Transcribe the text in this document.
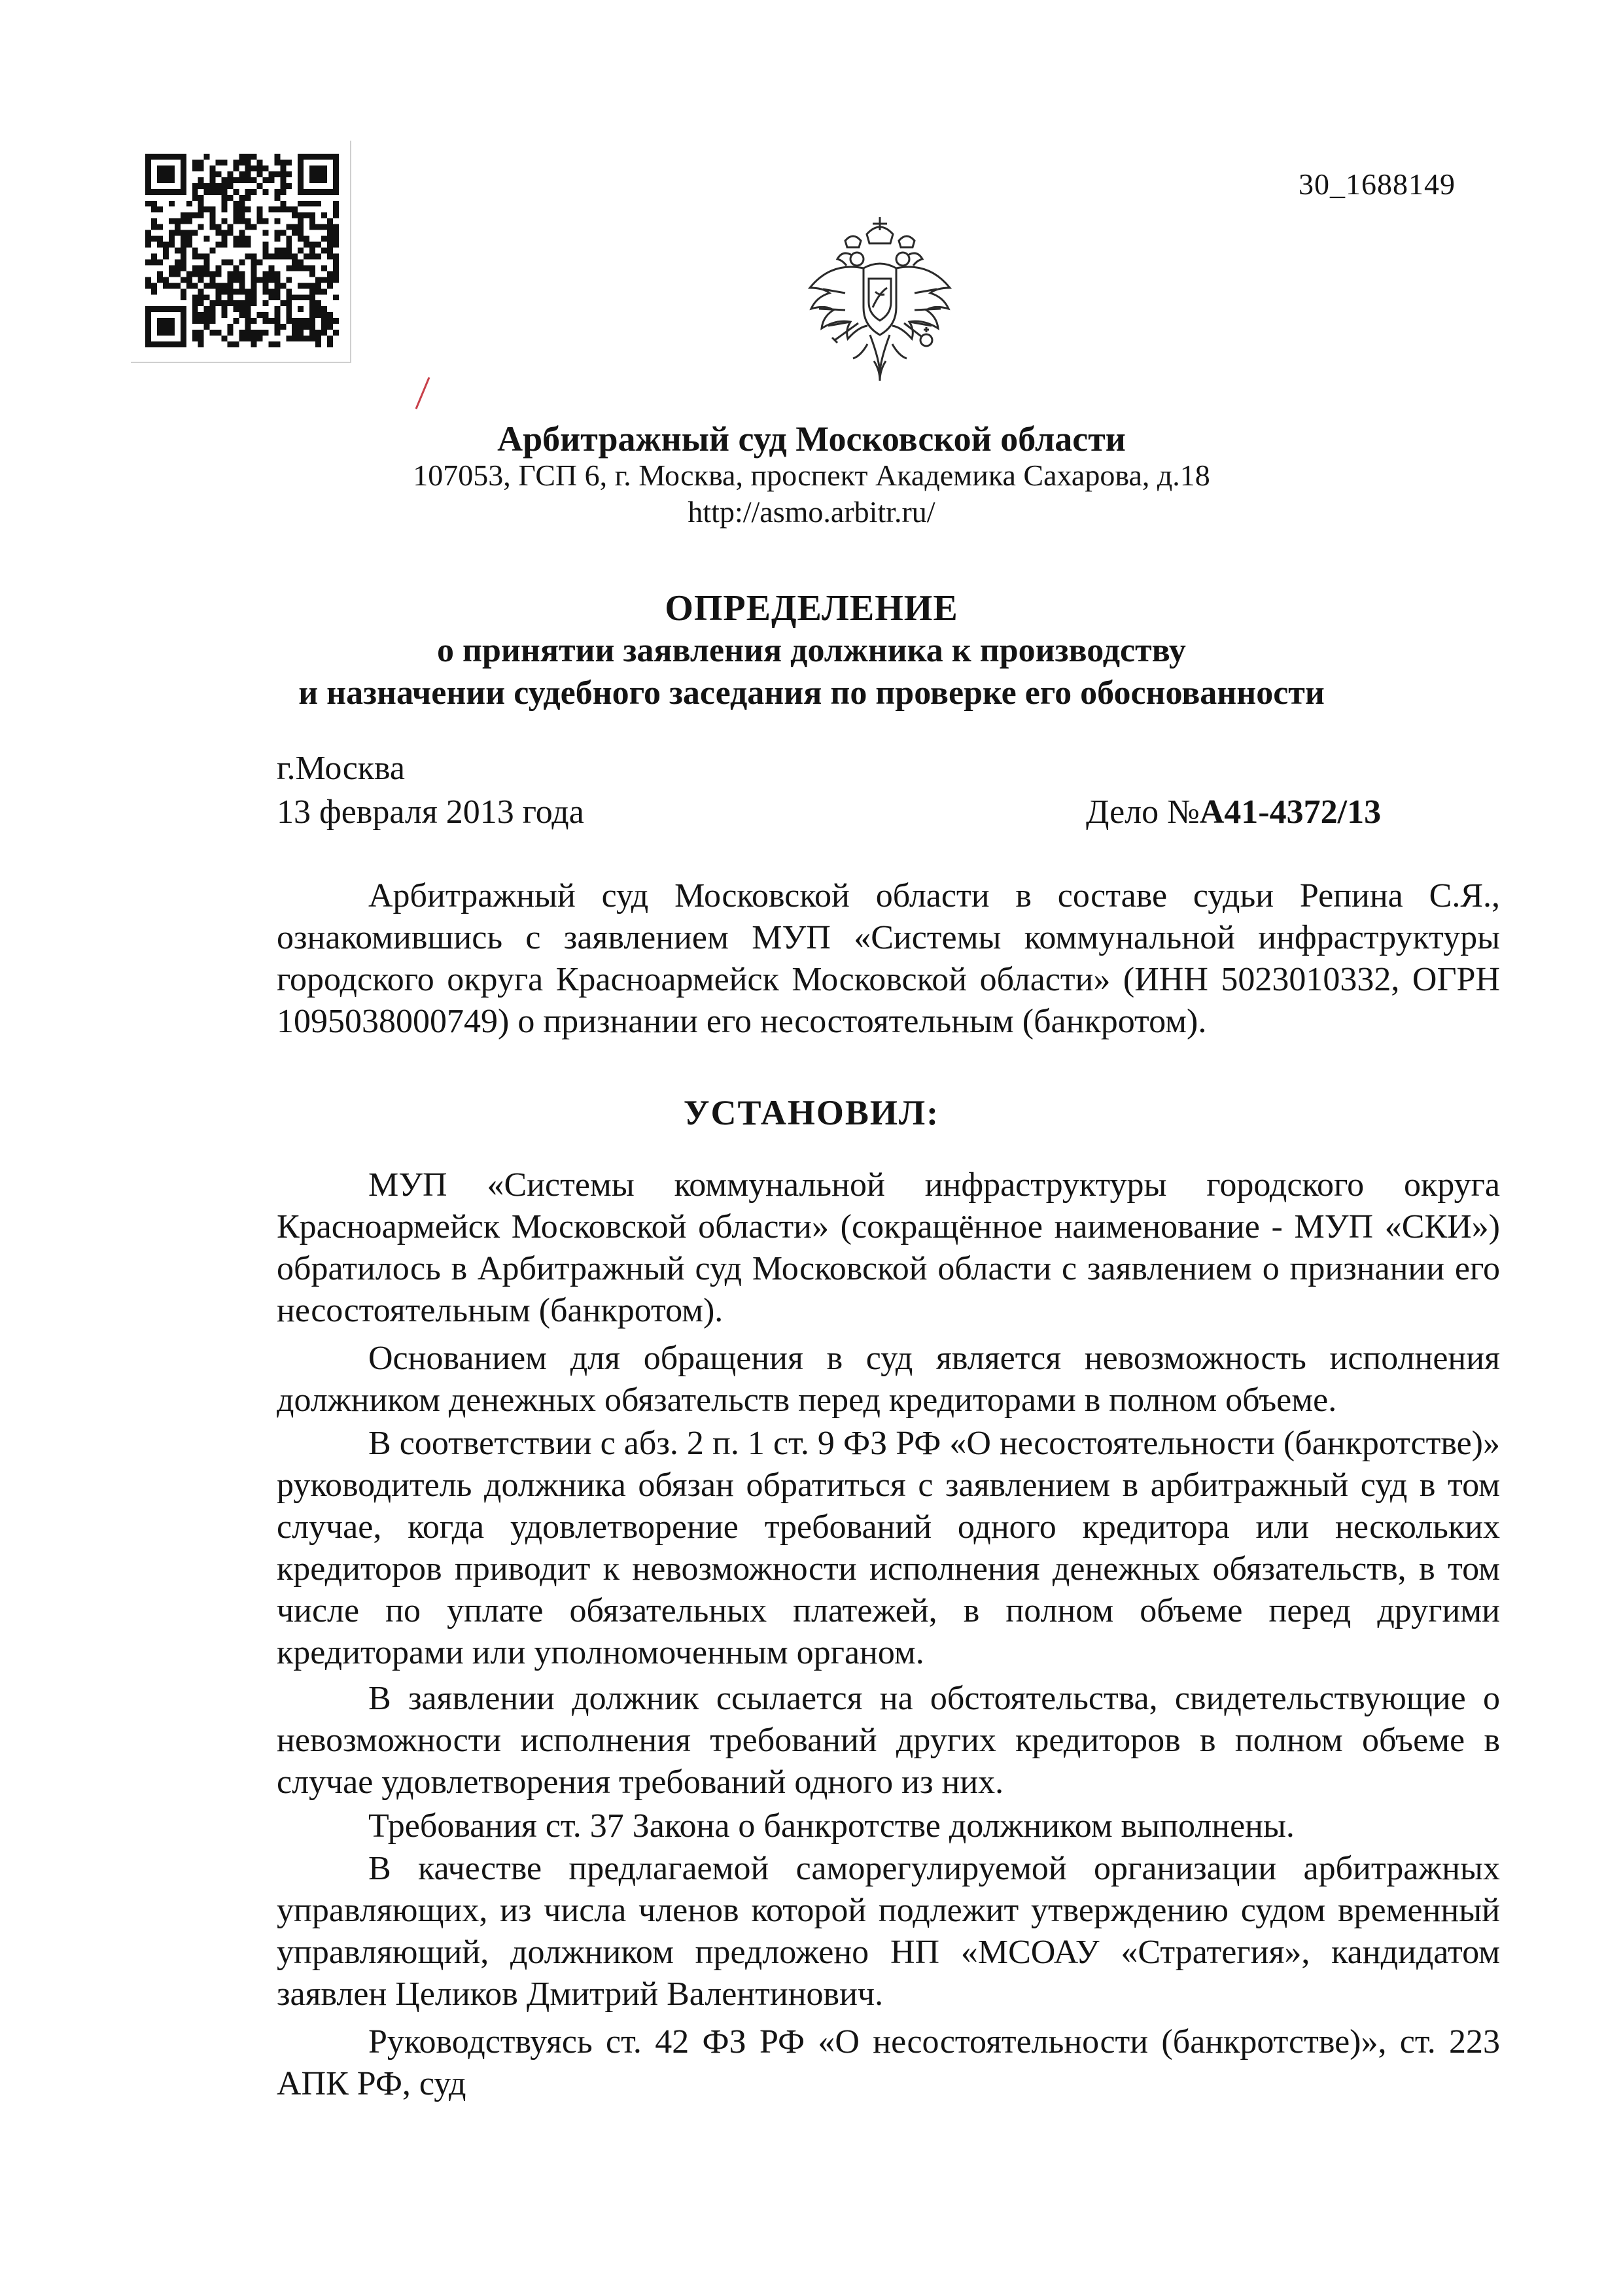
30_1688149
Арбитражный суд Московской области
107053, ГСП 6, г. Москва, проспект Академика Сахарова, д.18
http://asmo.arbitr.ru/
ОПРЕДЕЛЕНИЕ
о принятии заявления должника к производству
и назначении судебного заседания по проверке его обоснованности
г.Москва
13 февраля 2013 года	Дело №А41-4372/13
Арбитражный суд Московской области в составе судьи Репина С.Я., ознакомившись с заявлением МУП «Системы коммунальной инфраструктуры городского округа Красноармейск Московской области» (ИНН 5023010332, ОГРН 1095038000749) о признании его несостоятельным (банкротом).
УСТАНОВИЛ:
МУП «Системы коммунальной инфраструктуры городского округа Красноармейск Московской области» (сокращённое наименование - МУП «СКИ») обратилось в Арбитражный суд Московской области с заявлением о признании его несостоятельным (банкротом).
Основанием для обращения в суд является невозможность исполнения должником денежных обязательств перед кредиторами в полном объеме.
В соответствии с абз. 2 п. 1 ст. 9 ФЗ РФ «О несостоятельности (банкротстве)» руководитель должника обязан обратиться с заявлением в арбитражный суд в том случае, когда удовлетворение требований одного кредитора или нескольких кредиторов приводит к невозможности исполнения денежных обязательств, в том числе по уплате обязательных платежей, в полном объеме перед другими кредиторами или уполномоченным органом.
В заявлении должник ссылается на обстоятельства, свидетельствующие о невозможности исполнения требований других кредиторов в полном объеме в случае удовлетворения требований одного из них.
Требования ст. 37 Закона о банкротстве должником выполнены.
В качестве предлагаемой саморегулируемой организации арбитражных управляющих, из числа членов которой подлежит утверждению судом временный управляющий, должником предложено НП «МСОАУ «Стратегия», кандидатом заявлен Целиков Дмитрий Валентинович.
Руководствуясь ст. 42 ФЗ РФ «О несостоятельности (банкротстве)», ст. 223 АПК РФ, суд
